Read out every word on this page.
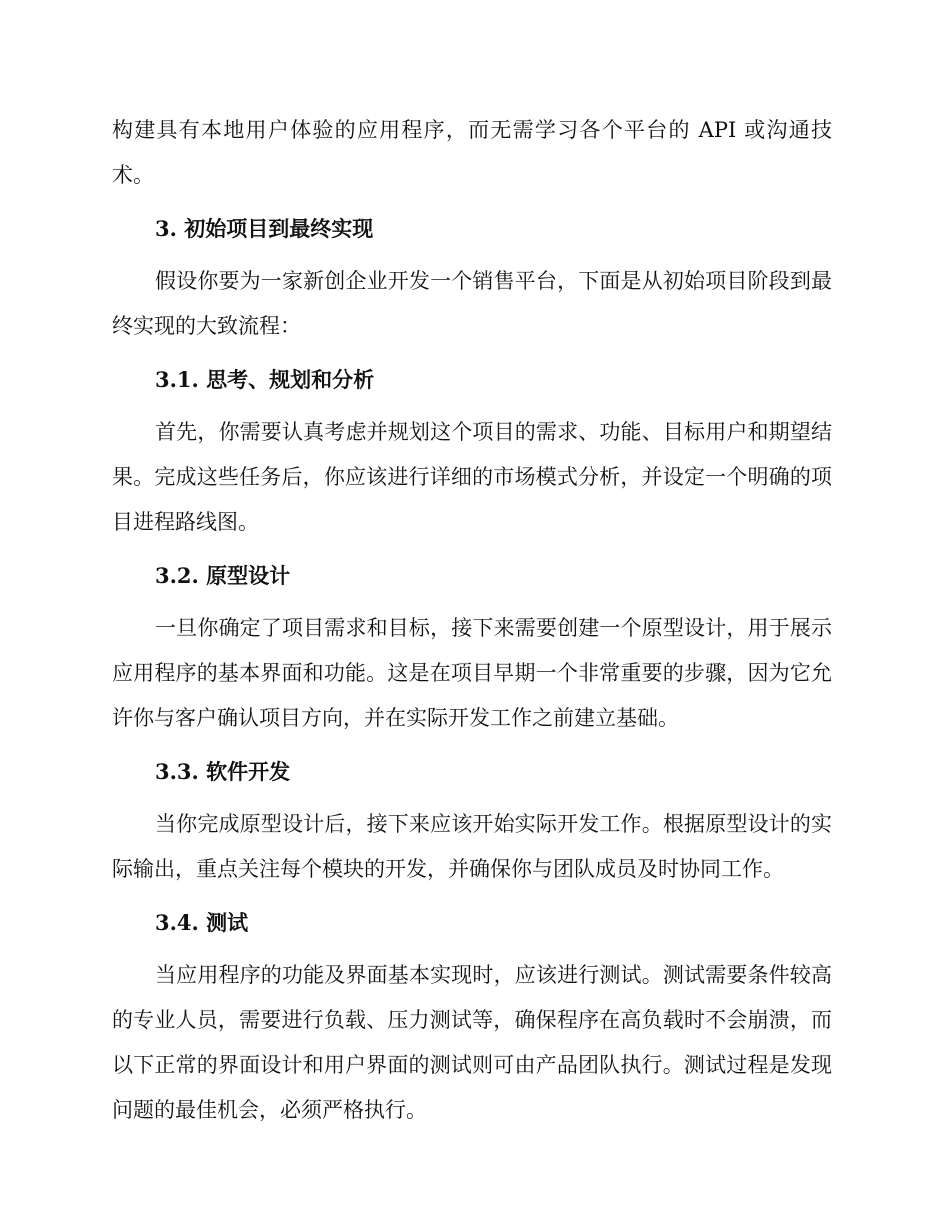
构建具有本地用户体验的应用程序，而无需学习各个平台的 API 或沟通技术。

3. 初始项目到最终实现

假设你要为一家新创企业开发一个销售平台，下面是从初始项目阶段到最终实现的大致流程：

3.1. 思考、规划和分析

首先，你需要认真考虑并规划这个项目的需求、功能、目标用户和期望结果。完成这些任务后，你应该进行详细的市场模式分析，并设定一个明确的项目进程路线图。

3.2. 原型设计

一旦你确定了项目需求和目标，接下来需要创建一个原型设计，用于展示应用程序的基本界面和功能。这是在项目早期一个非常重要的步骤，因为它允许你与客户确认项目方向，并在实际开发工作之前建立基础。

3.3. 软件开发

当你完成原型设计后，接下来应该开始实际开发工作。根据原型设计的实际输出，重点关注每个模块的开发，并确保你与团队成员及时协同工作。

3.4. 测试

当应用程序的功能及界面基本实现时，应该进行测试。测试需要条件较高的专业人员，需要进行负载、压力测试等，确保程序在高负载时不会崩溃，而以下正常的界面设计和用户界面的测试则可由产品团队执行。测试过程是发现问题的最佳机会，必须严格执行。
